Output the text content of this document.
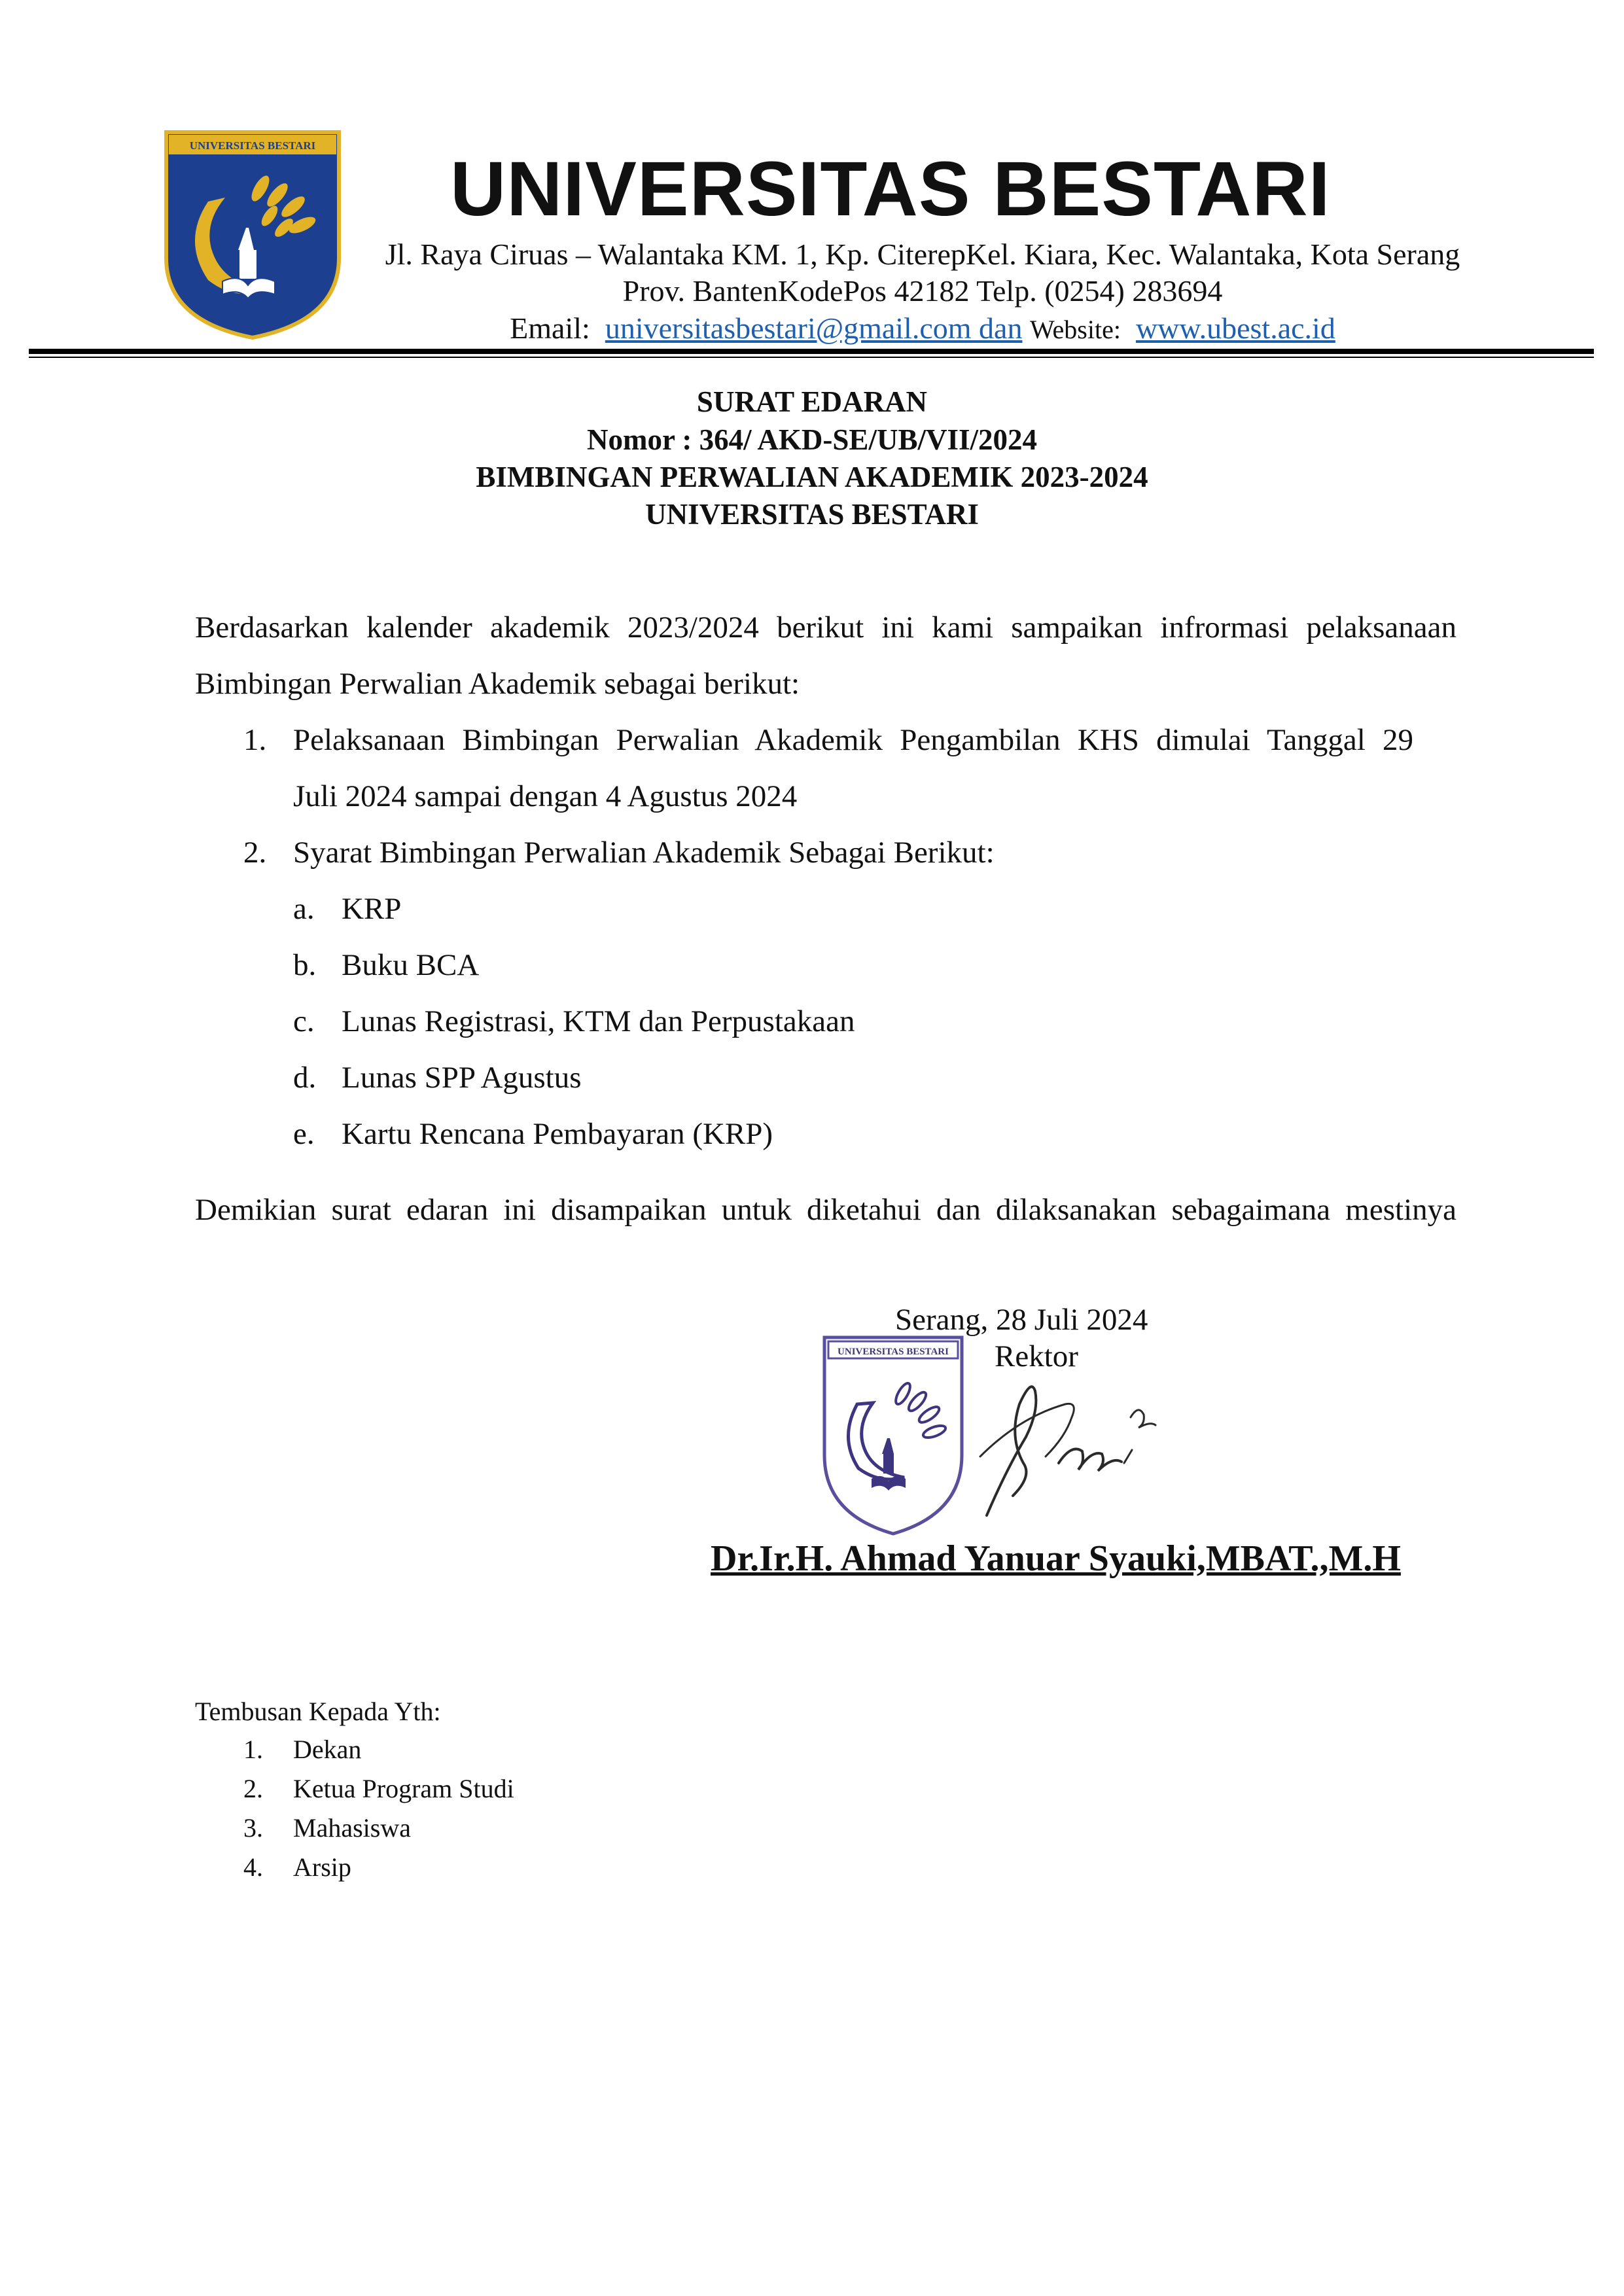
UNIVERSITAS BESTARI
UNIVERSITAS BESTARI
Jl. Raya Ciruas – Walantaka KM. 1, Kp. CiterepKel. Kiara, Kec. Walantaka, Kota Serang
Prov. BantenKodePos 42182 Telp. (0254) 283694
Email: universitasbestari@gmail.com dan Website: www.ubest.ac.id
SURAT EDARAN
Nomor : 364/ AKD-SE/UB/VII/2024
BIMBINGAN PERWALIAN AKADEMIK 2023-2024
UNIVERSITAS BESTARI
Berdasarkan kalender akademik 2023/2024 berikut ini kami sampaikan infrormasi pelaksanaan
Bimbingan Perwalian Akademik sebagai berikut:
1. Pelaksanaan Bimbingan Perwalian Akademik Pengambilan KHS dimulai Tanggal 29
Juli 2024 sampai dengan 4 Agustus 2024
2. Syarat Bimbingan Perwalian Akademik Sebagai Berikut:
a. KRP
b. Buku BCA
c. Lunas Registrasi, KTM dan Perpustakaan
d. Lunas SPP Agustus
e. Kartu Rencana Pembayaran (KRP)
Demikian surat edaran ini disampaikan untuk diketahui dan dilaksanakan sebagaimana mestinya
Serang, 28 Juli 2024
Rektor
UNIVERSITAS BESTARI
Dr.Ir.H. Ahmad Yanuar Syauki,MBAT.,M.H
Tembusan Kepada Yth:
1. Dekan
2. Ketua Program Studi
3. Mahasiswa
4. Arsip
